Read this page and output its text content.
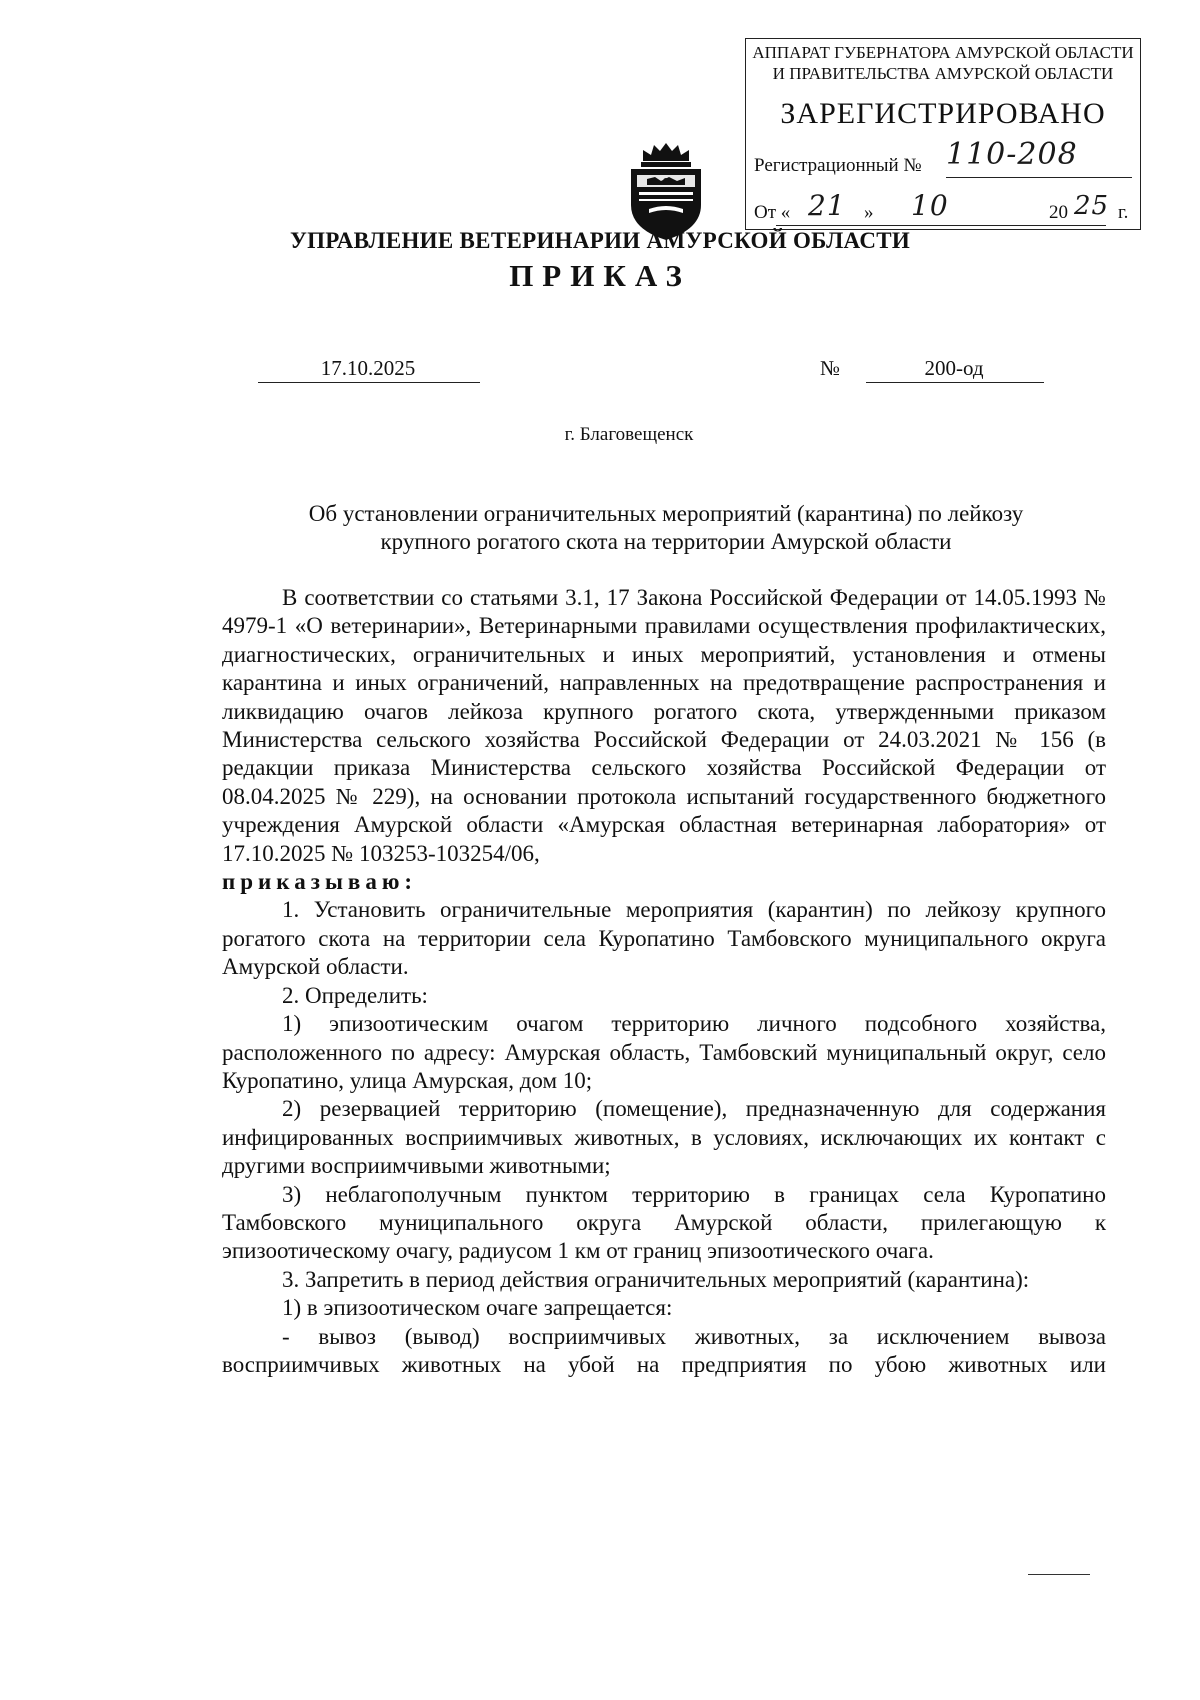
АППАРАТ ГУБЕРНАТОРА АМУРСКОЙ ОБЛАСТИ
И ПРАВИТЕЛЬСТВА АМУРСКОЙ ОБЛАСТИ
ЗАРЕГИСТРИРОВАНО
Регистрационный № 110-208
От « 21 » 10	20 25 г.
УПРАВЛЕНИЕ ВЕТЕРИНАРИИ АМУРСКОЙ ОБЛАСТИ
ПРИКАЗ
17.10.2025	№	200-од
г. Благовещенск
Об установлении ограничительных мероприятий (карантина) по лейкозу
крупного рогатого скота на территории Амурской области

В соответствии со статьями 3.1, 17 Закона Российской Федерации от 14.05.1993 № 4979-1 «О ветеринарии», Ветеринарными правилами осуществления профилактических, диагностических, ограничительных и иных мероприятий, установления и отмены карантина и иных ограничений, направленных на предотвращение распространения и ликвидацию очагов лейкоза крупного рогатого скота, утвержденными приказом Министерства сельского хозяйства Российской Федерации от 24.03.2021 № 156 (в редакции приказа Министерства сельского хозяйства Российской Федерации от 08.04.2025 № 229), на основании протокола испытаний государственного бюджетного учреждения Амурской области «Амурская областная ветеринарная лаборатория» от 17.10.2025 № 103253-103254/06,

приказываю:

1. Установить ограничительные мероприятия (карантин) по лейкозу крупного рогатого скота на территории села Куропатино Тамбовского муниципального округа Амурской области.

2. Определить:

1) эпизоотическим очагом территорию личного подсобного хозяйства, расположенного по адресу: Амурская область, Тамбовский муниципальный округ, село Куропатино, улица Амурская, дом 10;

2) резервацией территорию (помещение), предназначенную для содержания инфицированных восприимчивых животных, в условиях, исключающих их контакт с другими восприимчивыми животными;

3) неблагополучным пунктом территорию в границах села Куропатино Тамбовского муниципального округа Амурской области, прилегающую к эпизоотическому очагу, радиусом 1 км от границ эпизоотического очага.

3. Запретить в период действия ограничительных мероприятий (карантина):

1) в эпизоотическом очаге запрещается:

- вывоз (вывод) восприимчивых животных, за исключением вывоза восприимчивых животных на убой на предприятия по убою животных или
